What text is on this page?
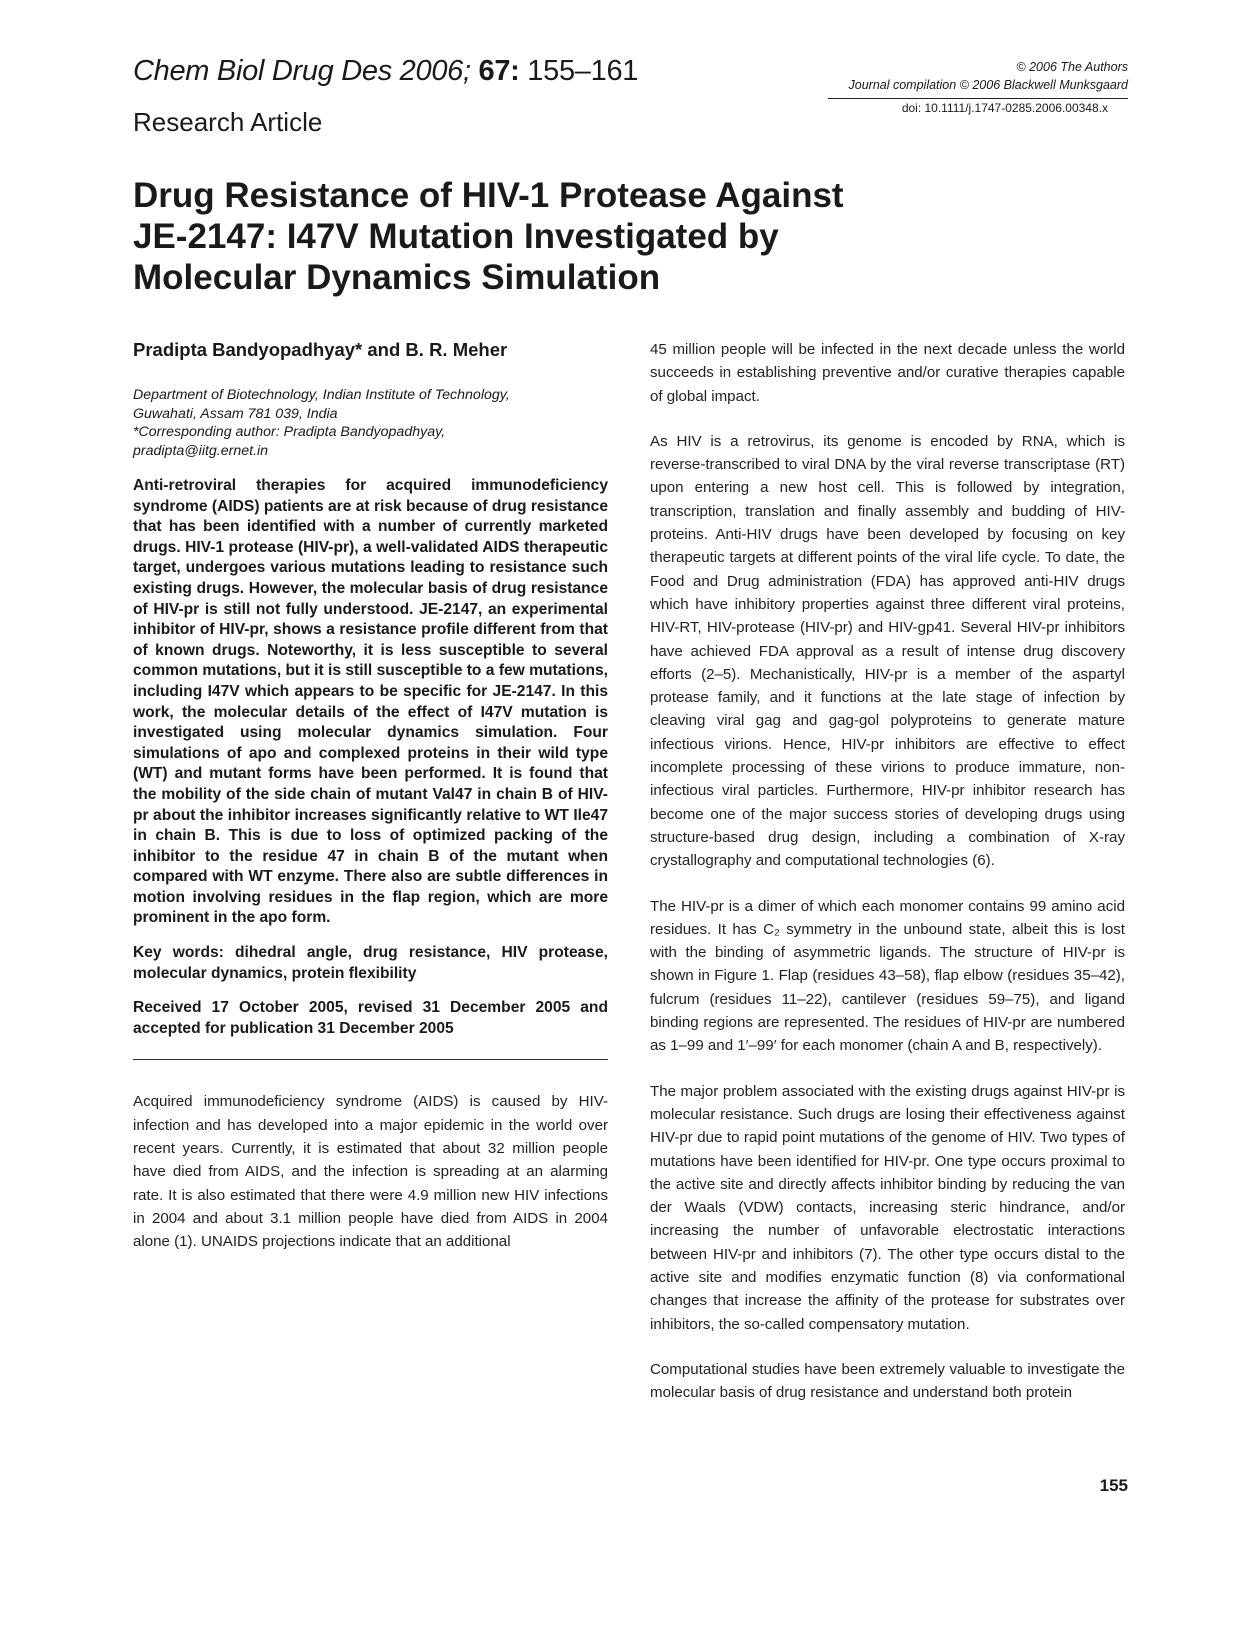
Chem Biol Drug Des 2006; 67: 155–161
Research Article
© 2006 The Authors
Journal compilation © 2006 Blackwell Munksgaard
doi: 10.1111/j.1747-0285.2006.00348.x
Drug Resistance of HIV-1 Protease Against
JE-2147: I47V Mutation Investigated by
Molecular Dynamics Simulation
Pradipta Bandyopadhyay* and B. R. Meher
Department of Biotechnology, Indian Institute of Technology,
Guwahati, Assam 781 039, India
*Corresponding author: Pradipta Bandyopadhyay,
pradipta@iitg.ernet.in

Anti-retroviral therapies for acquired immunodeficiency syndrome (AIDS) patients are at risk because of drug resistance that has been identified with a number of currently marketed drugs. HIV-1 protease (HIV-pr), a well-validated AIDS therapeutic target, undergoes various mutations leading to resistance such existing drugs. However, the molecular basis of drug resistance of HIV-pr is still not fully understood. JE-2147, an experimental inhibitor of HIV-pr, shows a resistance profile different from that of known drugs. Noteworthy, it is less susceptible to several common mutations, but it is still susceptible to a few mutations, including I47V which appears to be specific for JE-2147. In this work, the molecular details of the effect of I47V mutation is investigated using molecular dynamics simulation. Four simulations of apo and complexed proteins in their wild type (WT) and mutant forms have been performed. It is found that the mobility of the side chain of mutant Val47 in chain B of HIV-pr about the inhibitor increases significantly relative to WT Ile47 in chain B. This is due to loss of optimized packing of the inhibitor to the residue 47 in chain B of the mutant when compared with WT enzyme. There also are subtle differences in motion involving residues in the flap region, which are more prominent in the apo form.

Key words: dihedral angle, drug resistance, HIV protease, molecular dynamics, protein flexibility

Received 17 October 2005, revised 31 December 2005 and accepted for publication 31 December 2005

Acquired immunodeficiency syndrome (AIDS) is caused by HIV-infection and has developed into a major epidemic in the world over recent years. Currently, it is estimated that about 32 million people have died from AIDS, and the infection is spreading at an alarming rate. It is also estimated that there were 4.9 million new HIV infections in 2004 and about 3.1 million people have died from AIDS in 2004 alone (1). UNAIDS projections indicate that an additional

45 million people will be infected in the next decade unless the world succeeds in establishing preventive and/or curative therapies capable of global impact.

As HIV is a retrovirus, its genome is encoded by RNA, which is reverse-transcribed to viral DNA by the viral reverse transcriptase (RT) upon entering a new host cell. This is followed by integration, transcription, translation and finally assembly and budding of HIV-proteins. Anti-HIV drugs have been developed by focusing on key therapeutic targets at different points of the viral life cycle. To date, the Food and Drug administration (FDA) has approved anti-HIV drugs which have inhibitory properties against three different viral proteins, HIV-RT, HIV-protease (HIV-pr) and HIV-gp41. Several HIV-pr inhibitors have achieved FDA approval as a result of intense drug discovery efforts (2–5). Mechanistically, HIV-pr is a member of the aspartyl protease family, and it functions at the late stage of infection by cleaving viral gag and gag-gol polyproteins to generate mature infectious virions. Hence, HIV-pr inhibitors are effective to effect incomplete processing of these virions to produce immature, non-infectious viral particles. Furthermore, HIV-pr inhibitor research has become one of the major success stories of developing drugs using structure-based drug design, including a combination of X-ray crystallography and computational technologies (6).

The HIV-pr is a dimer of which each monomer contains 99 amino acid residues. It has C₂ symmetry in the unbound state, albeit this is lost with the binding of asymmetric ligands. The structure of HIV-pr is shown in Figure 1. Flap (residues 43–58), flap elbow (residues 35–42), fulcrum (residues 11–22), cantilever (residues 59–75), and ligand binding regions are represented. The residues of HIV-pr are numbered as 1–99 and 1′–99′ for each monomer (chain A and B, respectively).

The major problem associated with the existing drugs against HIV-pr is molecular resistance. Such drugs are losing their effectiveness against HIV-pr due to rapid point mutations of the genome of HIV. Two types of mutations have been identified for HIV-pr. One type occurs proximal to the active site and directly affects inhibitor binding by reducing the van der Waals (VDW) contacts, increasing steric hindrance, and/or increasing the number of unfavorable electrostatic interactions between HIV-pr and inhibitors (7). The other type occurs distal to the active site and modifies enzymatic function (8) via conformational changes that increase the affinity of the protease for substrates over inhibitors, the so-called compensatory mutation.

Computational studies have been extremely valuable to investigate the molecular basis of drug resistance and understand both protein

155
